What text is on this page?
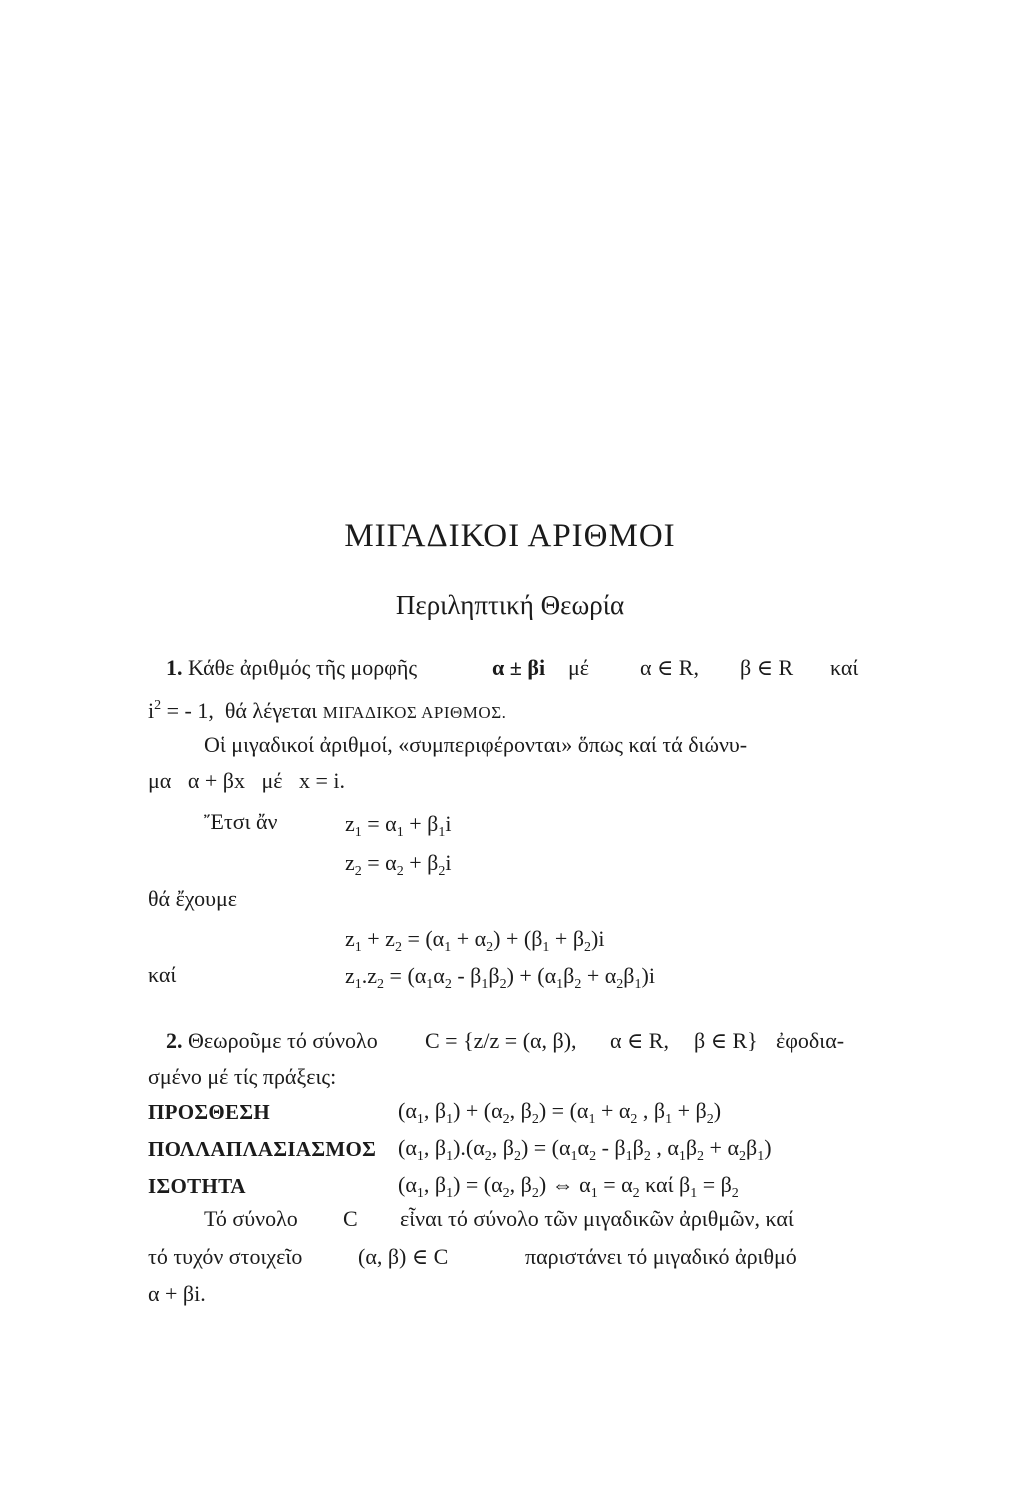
ΜΙΓΑΔΙΚΟΙ ΑΡΙΘΜΟΙ
Περιληπτική Θεωρία
1. Κάθε ἀριθμός τῆς μορφῆς	α ± βi μέ α ∈ R, β ∈ R καί
$i^2$ = - 1, θά λέγεται ΜΙΓΑΔΙΚΟΣ ΑΡΙΘΜΟΣ.
Οἱ μιγαδικοί ἀριθμοί, «συμπεριφέρονται» ὅπως καί τά διώνυ-
μα α + βx μέ x = i.
Ἔτσι ἄν	$z_1 = \alpha_1 + \beta_1i$
$z_2 = \alpha_2 + \beta_2i$
θά ἔχουμε
$z_1 + z_2 = (\alpha_1 + \alpha_2) + (\beta_1 + \beta_2)i$
καί	$z_1.z_2 = (\alpha_1\alpha_2 - \beta_1\beta_2) + (\alpha_1\beta_2 + \alpha_2\beta_1)i$
2. Θεωροῦμε τό σύνολο C = {z/z = (α, β), α ∈ R, β ∈ R} ἐφοδια-
σμένο μέ τίς πράξεις:
ΠΡΟΣΘΕΣΗ	($\alpha_1$, $\beta_1) + (\alpha_2$, $\beta_2) = (\alpha_1 + \alpha_2$ , $\beta_1 + \beta_2$)
ΠΟΛΛΑΠΛΑΣΙΑΣΜΟΣ ($\alpha_1$, $\beta_1).(\alpha_2$, $\beta_2) = (\alpha_1\alpha_2 - \beta_1\beta_2$ , $\alpha_1\beta_2 + \alpha_2\beta_1$)
ΙΣΟΤΗΤΑ	($\alpha_1$, $\beta_1) = (\alpha_2$, $\beta_2$) ⇔ $\alpha_1 = \alpha_2$ καί $\beta_1 = \beta_2$
Τό σύνολο C εἶναι τό σύνολο τῶν μιγαδικῶν ἀριθμῶν, καί
τό τυχόν στοιχεῖο	(α, β) ∈ C	παριστάνει τό μιγαδικό ἀριθμό
α + βi.
